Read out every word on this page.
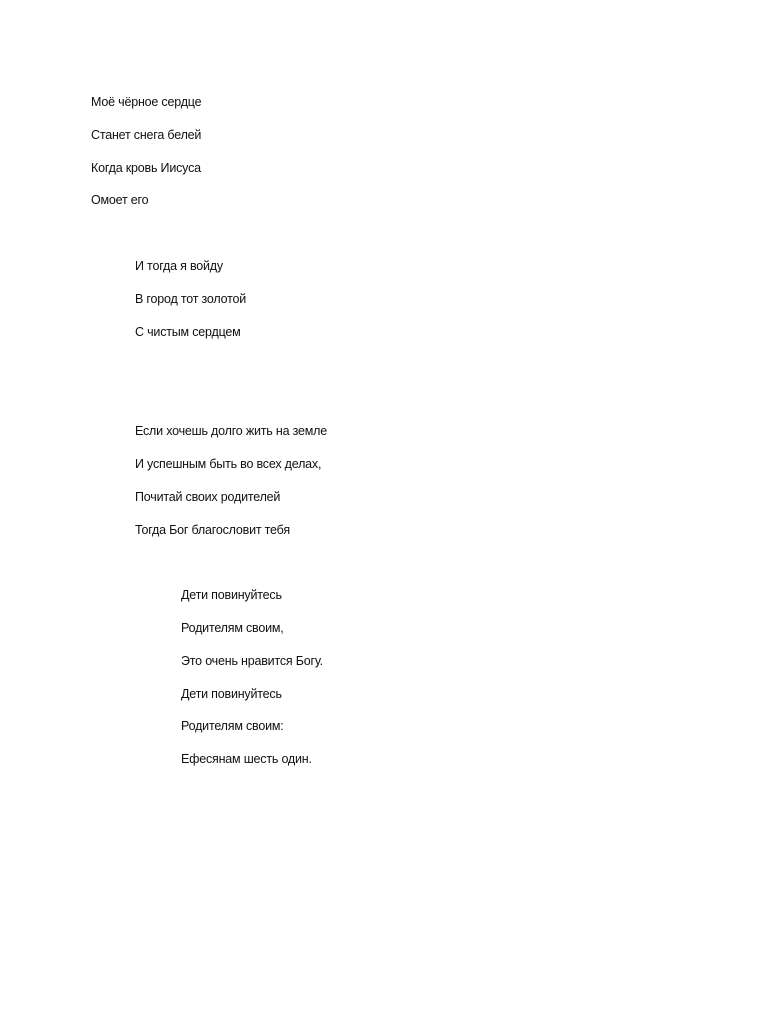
Моё чёрное сердце

Станет снега белей

Когда кровь Иисуса

Омоет его

И тогда я войду

В город тот золотой

С чистым сердцем

Если хочешь долго жить на земле

И успешным быть во всех делах,

Почитай своих родителей

Тогда Бог благословит тебя

Дети повинуйтесь

Родителям своим,

Это очень нравится Богу.

Дети повинуйтесь

Родителям своим:

Ефесянам шесть один.
